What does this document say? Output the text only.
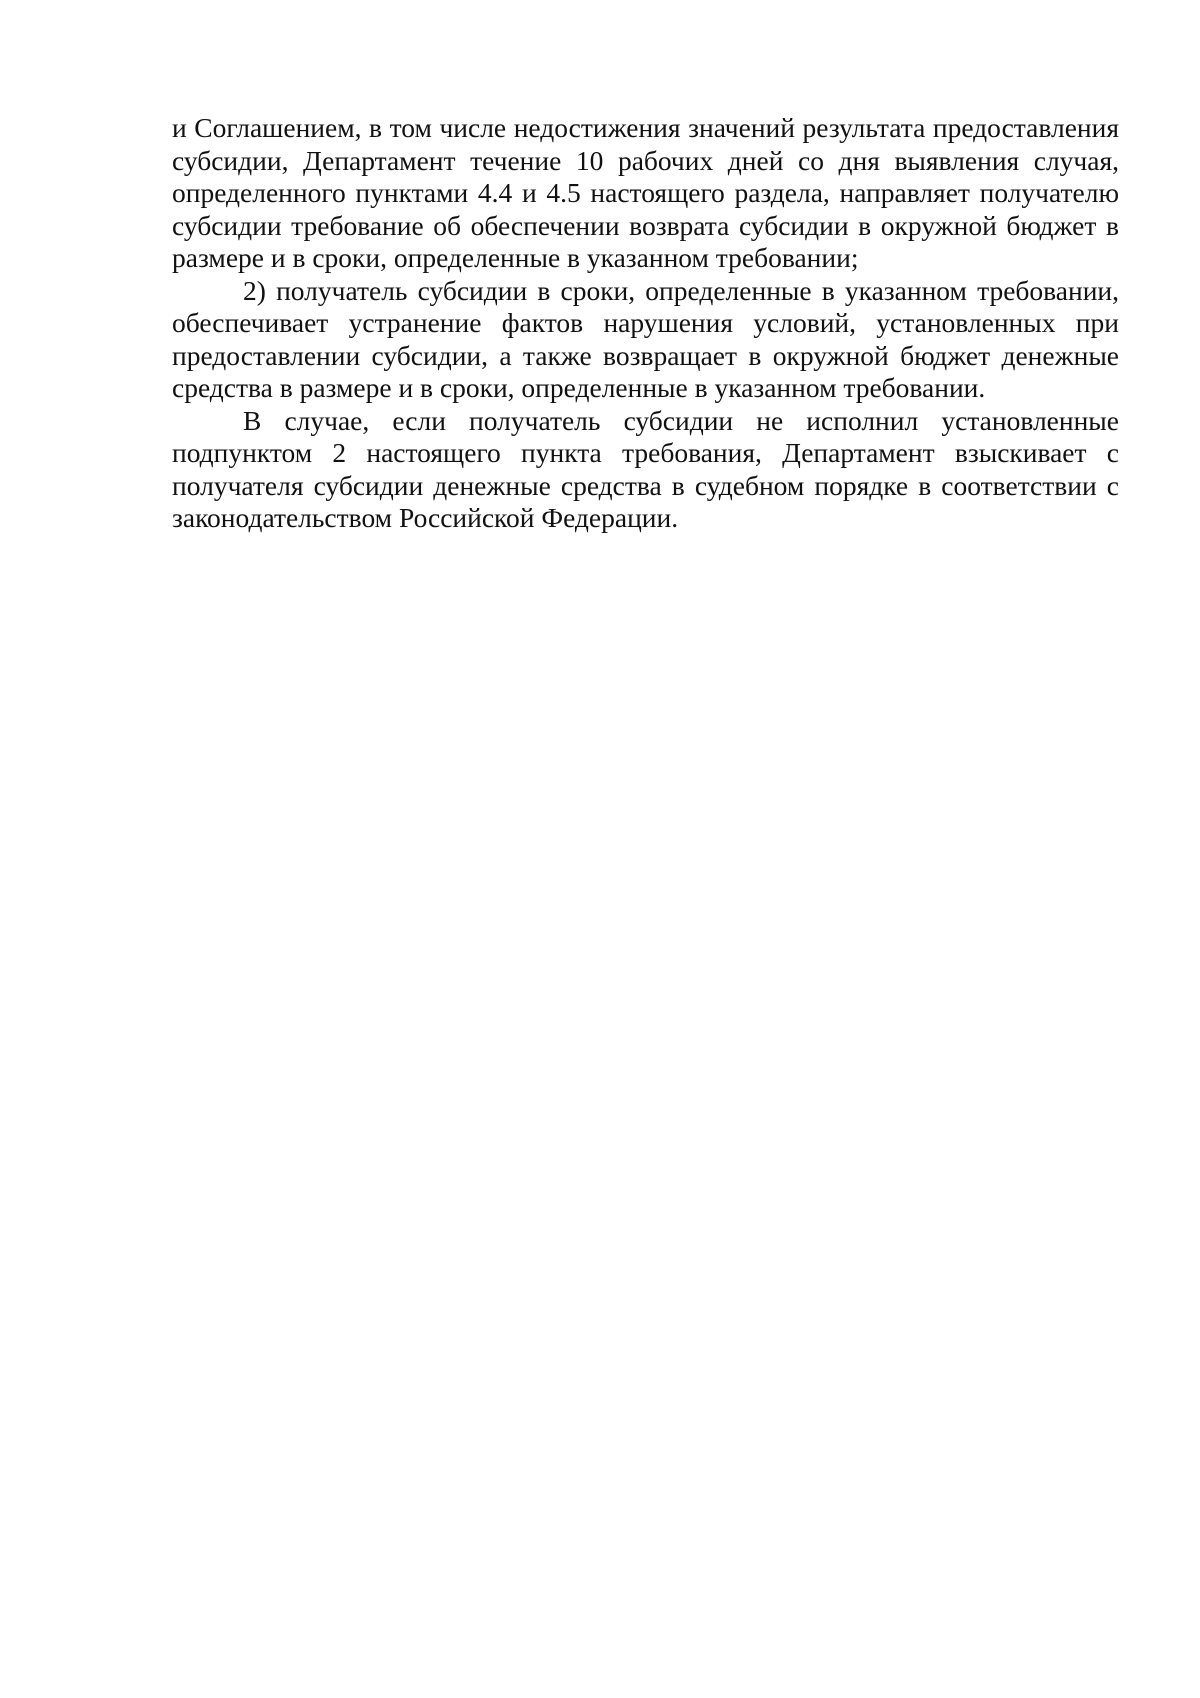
и Соглашением, в том числе недостижения значений результата предоставления субсидии, Департамент течение 10 рабочих дней со дня выявления случая, определенного пунктами 4.4 и 4.5 настоящего раздела, направляет получателю субсидии требование об обеспечении возврата субсидии в окружной бюджет в размере и в сроки, определенные в указанном требовании;

2) получатель субсидии в сроки, определенные в указанном требовании, обеспечивает устранение фактов нарушения условий, установленных при предоставлении субсидии, а также возвращает в окружной бюджет денежные средства в размере и в сроки, определенные в указанном требовании.

В случае, если получатель субсидии не исполнил установленные подпунктом 2 настоящего пункта требования, Департамент взыскивает с получателя субсидии денежные средства в судебном порядке в соответствии с законодательством Российской Федерации.
